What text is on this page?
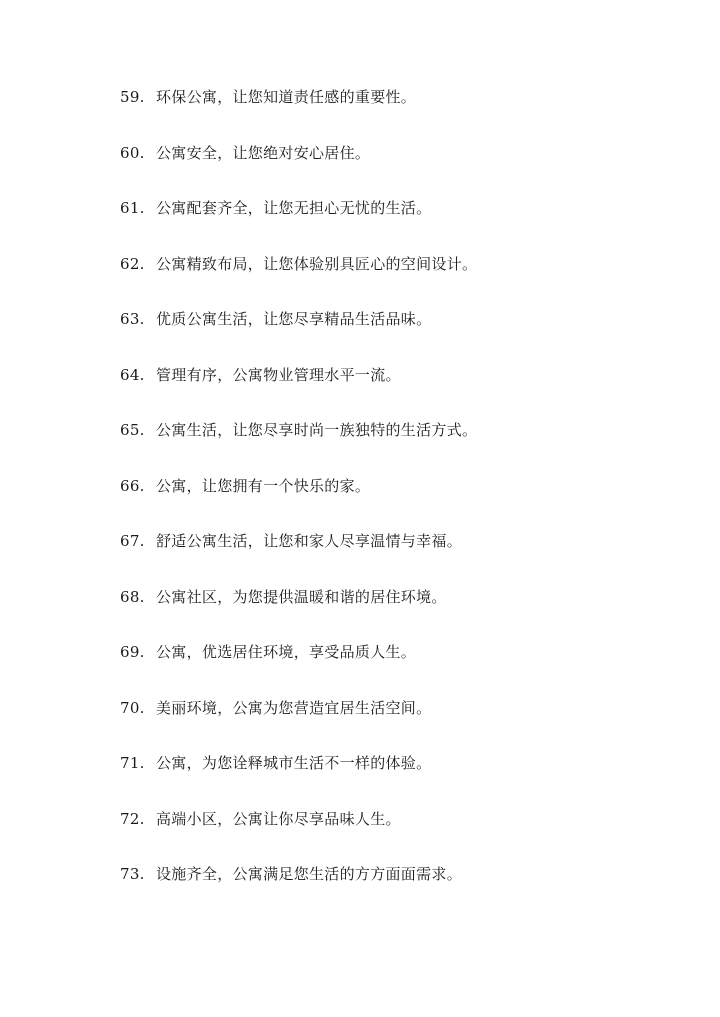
59. 环保公寓，让您知道责任感的重要性。
60. 公寓安全，让您绝对安心居住。
61. 公寓配套齐全，让您无担心无忧的生活。
62. 公寓精致布局，让您体验别具匠心的空间设计。
63. 优质公寓生活，让您尽享精品生活品味。
64. 管理有序，公寓物业管理水平一流。
65. 公寓生活，让您尽享时尚一族独特的生活方式。
66. 公寓，让您拥有一个快乐的家。
67. 舒适公寓生活，让您和家人尽享温情与幸福。
68. 公寓社区，为您提供温暖和谐的居住环境。
69. 公寓，优选居住环境，享受品质人生。
70. 美丽环境，公寓为您营造宜居生活空间。
71. 公寓，为您诠释城市生活不一样的体验。
72. 高端小区，公寓让你尽享品味人生。
73. 设施齐全，公寓满足您生活的方方面面需求。
